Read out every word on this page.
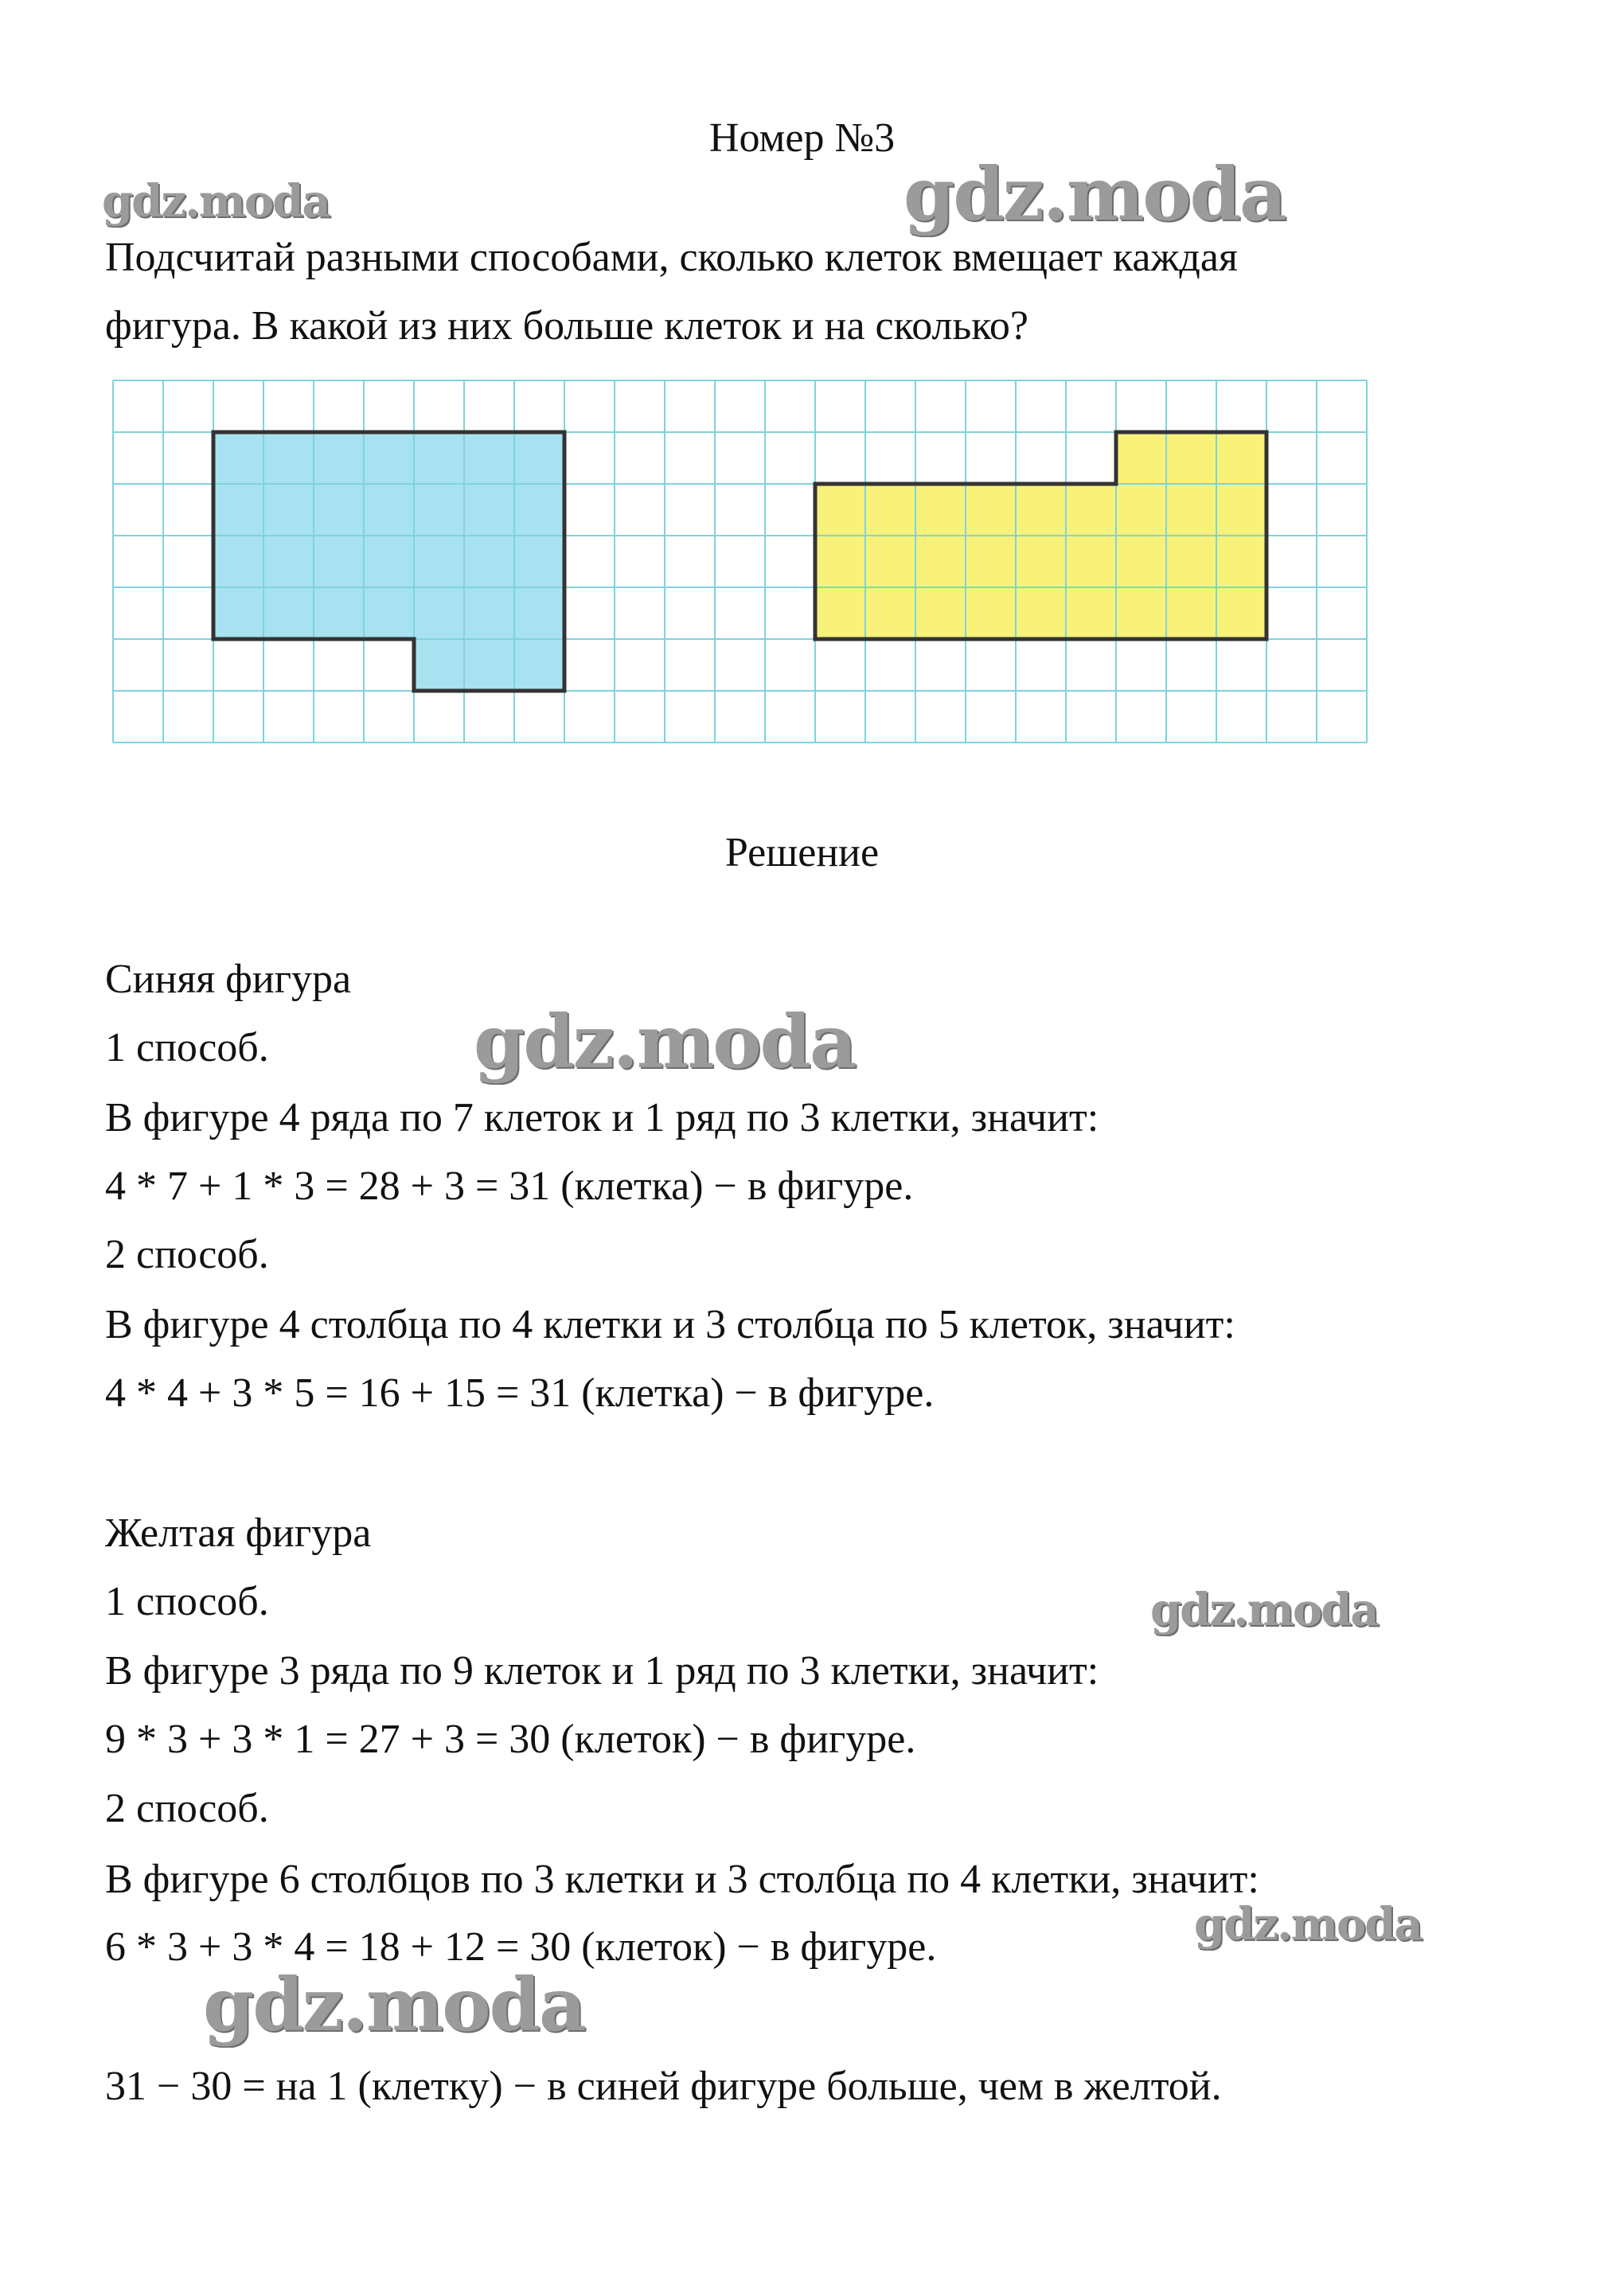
Номер №3
Подсчитай разными способами, сколько клеток вмещает каждая
фигура. В какой из них больше клеток и на сколько?
Решение
Синяя фигура
1 способ.
В фигуре 4 ряда по 7 клеток и 1 ряд по 3 клетки, значит:
4 * 7 + 1 * 3 = 28 + 3 = 31 (клетка) − в фигуре.
2 способ.
В фигуре 4 столбца по 4 клетки и 3 столбца по 5 клеток, значит:
4 * 4 + 3 * 5 = 16 + 15 = 31 (клетка) − в фигуре.
Желтая фигура
1 способ.
В фигуре 3 ряда по 9 клеток и 1 ряд по 3 клетки, значит:
9 * 3 + 3 * 1 = 27 + 3 = 30 (клеток) − в фигуре.
2 способ.
В фигуре 6 столбцов по 3 клетки и 3 столбца по 4 клетки, значит:
6 * 3 + 3 * 4 = 18 + 12 = 30 (клеток) − в фигуре.
31 − 30 = на 1 (клетку) − в синей фигуре больше, чем в желтой.
gdz.moda	gdz.moda
gdz.moda
gdz.moda
gdz.moda
gdz.moda
